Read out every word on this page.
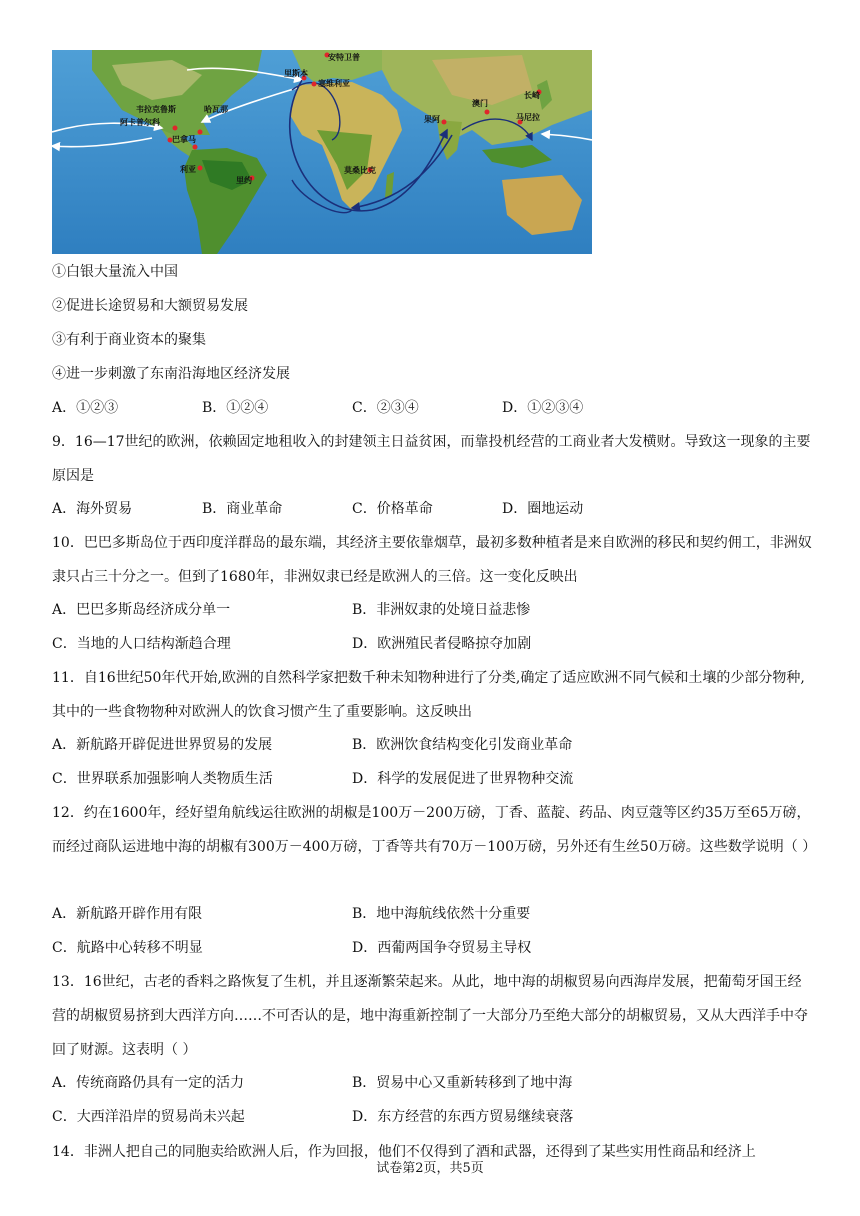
安特卫普
里斯本
塞维利亚
韦拉克鲁斯	哈瓦那
阿卡普尔科
巴拿马
利亚
里约
莫桑比克
果阿
澳门
长崎
马尼拉
①白银大量流入中国
②促进长途贸易和大额贸易发展
③有利于商业资本的聚集
④进一步刺激了东南沿海地区经济发展
A．①②③	B．①②④	C．②③④	D．①②③④
9．16—17世纪的欧洲，依赖固定地租收入的封建领主日益贫困，而靠投机经营的工商业者大发横财。导致这一现象的主要原因是
A．海外贸易	B．商业革命	C．价格革命	D．圈地运动
10．巴巴多斯岛位于西印度洋群岛的最东端，其经济主要依靠烟草，最初多数种植者是来自欧洲的移民和契约佣工，非洲奴隶只占三十分之一。但到了1680年，非洲奴隶已经是欧洲人的三倍。这一变化反映出
A．巴巴多斯岛经济成分单一	B．非洲奴隶的处境日益悲惨
C．当地的人口结构渐趋合理	D．欧洲殖民者侵略掠夺加剧
11．自16世纪50年代开始,欧洲的自然科学家把数千种未知物种进行了分类,确定了适应欧洲不同气候和土壤的少部分物种,其中的一些食物物种对欧洲人的饮食习惯产生了重要影响。这反映出
A．新航路开辟促进世界贸易的发展	B．欧洲饮食结构变化引发商业革命
C．世界联系加强影响人类物质生活	D．科学的发展促进了世界物种交流
12．约在1600年，经好望角航线运往欧洲的胡椒是100万－200万磅，丁香、蓝靛、药品、肉豆蔻等区约35万至65万磅，而经过商队运进地中海的胡椒有300万－400万磅，丁香等共有70万－100万磅，另外还有生丝50万磅。这些数学说明（ ）
A．新航路开辟作用有限	B．地中海航线依然十分重要
C．航路中心转移不明显	D．西葡两国争夺贸易主导权
13．16世纪，古老的香料之路恢复了生机，并且逐渐繁荣起来。从此，地中海的胡椒贸易向西海岸发展，把葡萄牙国王经营的胡椒贸易挤到大西洋方向……不可否认的是，地中海重新控制了一大部分乃至绝大部分的胡椒贸易，又从大西洋手中夺回了财源。这表明（ ）
A．传统商路仍具有一定的活力	B．贸易中心又重新转移到了地中海
C．大西洋沿岸的贸易尚未兴起	D．东方经营的东西方贸易继续衰落
14．非洲人把自己的同胞卖给欧洲人后，作为回报，他们不仅得到了酒和武器，还得到了某些实用性商品和经济上
试卷第2页，共5页
